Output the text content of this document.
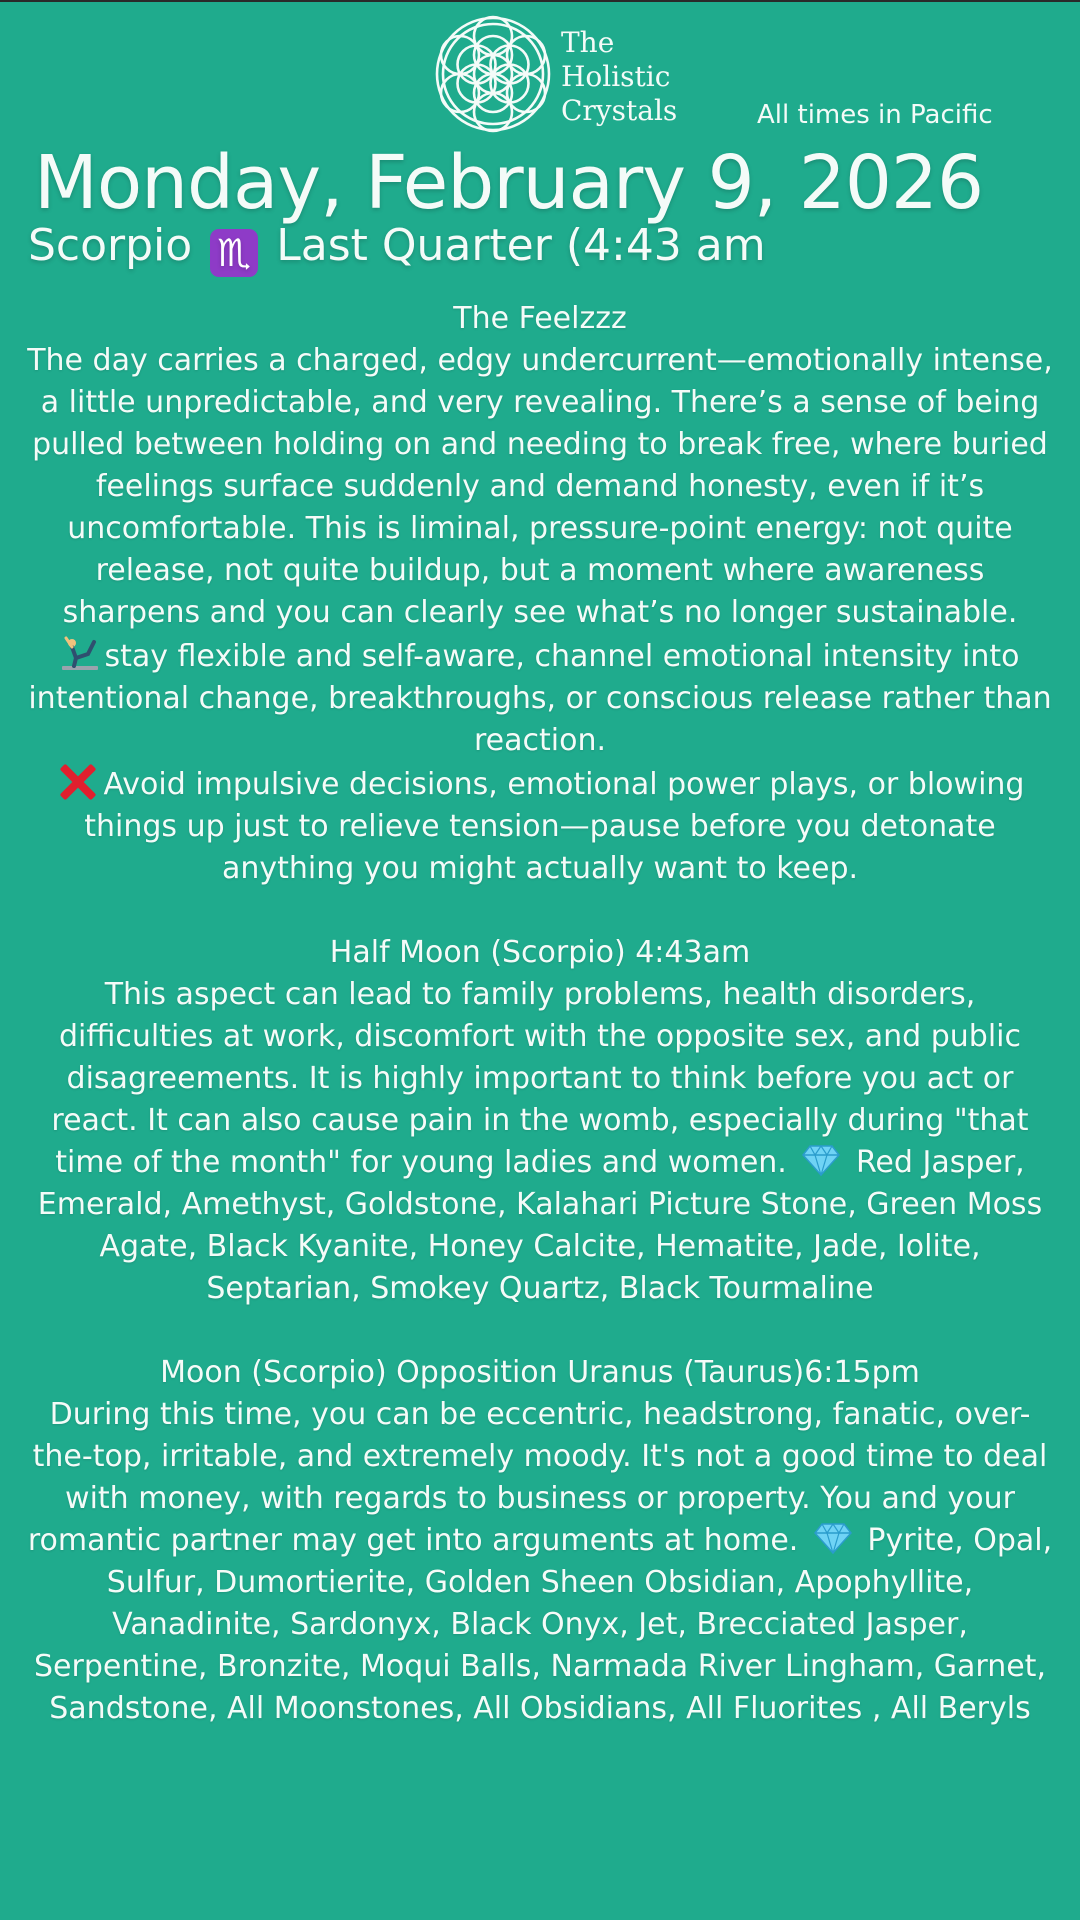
The
Holistic
Crystals	All times in Pacific
Monday, February 9, 2026
Scorpio ♏ Last Quarter (4:43 am

The Feelzzz

The day carries a charged, edgy undercurrent—emotionally intense, a little unpredictable, and very revealing. There’s a sense of being pulled between holding on and needing to break free, where buried feelings surface suddenly and demand honesty, even if it’s uncomfortable. This is liminal, pressure-point energy: not quite release, not quite buildup, but a moment where awareness sharpens and you can clearly see what’s no longer sustainable.

stay flexible and self-aware, channel emotional intensity into intentional change, breakthroughs, or conscious release rather than reaction.

Avoid impulsive decisions, emotional power plays, or blowing things up just to relieve tension—pause before you detonate anything you might actually want to keep.

Half Moon (Scorpio) 4:43am

This aspect can lead to family problems, health disorders, difficulties at work, discomfort with the opposite sex, and public disagreements. It is highly important to think before you act or react. It can also cause pain in the womb, especially during "that time of the month" for young ladies and women. Red Jasper, Emerald, Amethyst, Goldstone, Kalahari Picture Stone, Green Moss Agate, Black Kyanite, Honey Calcite, Hematite, Jade, Iolite, Septarian, Smokey Quartz, Black Tourmaline

Moon (Scorpio) Opposition Uranus (Taurus)6:15pm

During this time, you can be eccentric, headstrong, fanatic, over-the-top, irritable, and extremely moody. It's not a good time to deal with money, with regards to business or property. You and your romantic partner may get into arguments at home. Pyrite, Opal, Sulfur, Dumortierite, Golden Sheen Obsidian, Apophyllite, Vanadinite, Sardonyx, Black Onyx, Jet, Brecciated Jasper, Serpentine, Bronzite, Moqui Balls, Narmada River Lingham, Garnet, Sandstone, All Moonstones, All Obsidians, All Fluorites , All Beryls
